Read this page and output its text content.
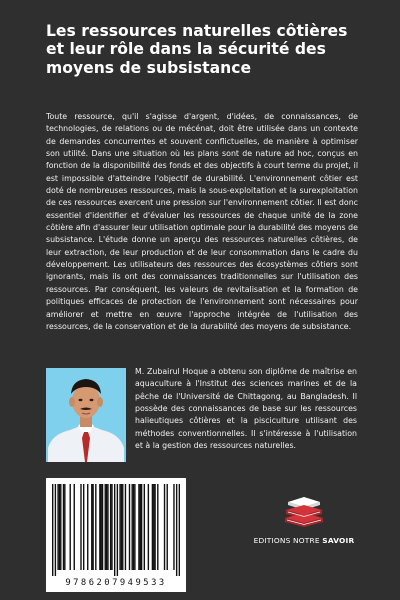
Les ressources naturelles côtières et leur rôle dans la sécurité des moyens de subsistance

Toute ressource, qu'il s'agisse d'argent, d'idées, de connaissances, de technologies, de relations ou de mécénat, doit être utilisée dans un contexte de demandes concurrentes et souvent conflictuelles, de manière à optimiser son utilité. Dans une situation où les plans sont de nature ad hoc, conçus en fonction de la disponibilité des fonds et des objectifs à court terme du projet, il est impossible d'atteindre l'objectif de durabilité. L'environnement côtier est doté de nombreuses ressources, mais la sous-exploitation et la surexploitation de ces ressources exercent une pression sur l'environnement côtier. Il est donc essentiel d'identifier et d'évaluer les ressources de chaque unité de la zone côtière afin d'assurer leur utilisation optimale pour la durabilité des moyens de subsistance. L'étude donne un aperçu des ressources naturelles côtières, de leur extraction, de leur production et de leur consommation dans le cadre du développement. Les utilisateurs des ressources des écosystèmes côtiers sont ignorants, mais ils ont des connaissances traditionnelles sur l'utilisation des ressources. Par conséquent, les valeurs de revitalisation et la formation de politiques efficaces de protection de l'environnement sont nécessaires pour améliorer et mettre en œuvre l'approche intégrée de l'utilisation des ressources, de la conservation et de la durabilité des moyens de subsistance.

M. Zubairul Hoque a obtenu son diplôme de maîtrise en aquaculture à l'Institut des sciences marines et de la pêche de l'Université de Chittagong, au Bangladesh. Il possède des connaissances de base sur les ressources halieutiques côtières et la pisciculture utilisant des méthodes conventionnelles. Il s'intéresse à l'utilisation et à la gestion des ressources naturelles.

9786207949533
EDITIONS NOTRE SAVOIR
